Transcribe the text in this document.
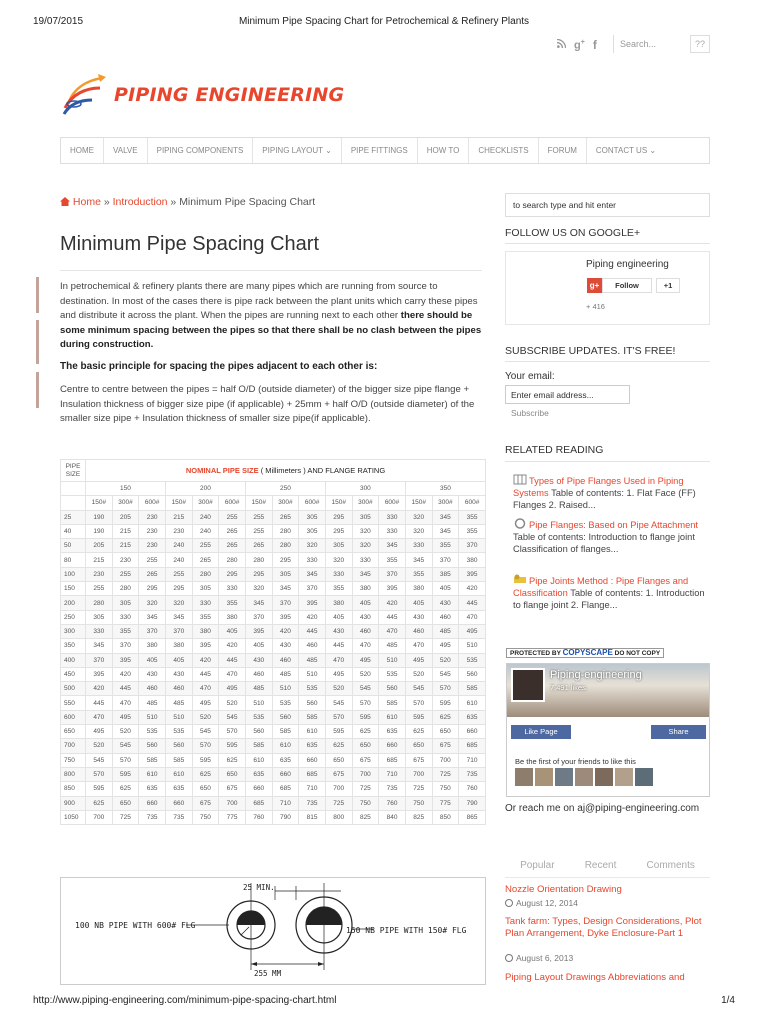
19/07/2015	Minimum Pipe Spacing Chart for Petrochemical & Refinery Plants
g+ f	Search...	??
PIPING ENGINEERING
HOME	VALVE	PIPING COMPONENTS	PIPING LAYOUT ⌄	PIPE FITTINGS	HOW TO	CHECKLISTS	FORUM	CONTACT US ⌄
Home » Introduction » Minimum Pipe Spacing Chart
Minimum Pipe Spacing Chart

In petrochemical & refinery plants there are many pipes which are running from source to destination. In most of the cases there is pipe rack between the plant units which carry these pipes and distribute it across the plant. When the pipes are running next to each other there should be some minimum spacing between the pipes so that there shall be no clash between the pipes during construction.

The basic principle for spacing the pipes adjacent to each other is:

Centre to centre between the pipes = half O/D (outside diameter) of the bigger size pipe flange + Insulation thickness of bigger size pipe (if applicable) + 25mm + half O/D (outside diameter) of the smaller size pipe + Insulation thickness of smaller size pipe(if applicable).

PIPE SIZE	NOMINAL PIPE SIZE ( Millimeters ) AND FLANGE RATING														
	150			200			250			300			350		
	150#	300#	600#	150#	300#	600#	150#	300#	600#	150#	300#	600#	150#	300#	600#
25	190	205	230	215	240	255	255	265	305	295	305	330	320	345	355
40	190	215	230	230	240	265	255	280	305	295	320	330	320	345	355
50	205	215	230	240	255	265	265	280	320	305	320	345	330	355	370
80	215	230	255	240	265	280	280	295	330	320	330	355	345	370	380
100	230	255	265	255	280	295	295	305	345	330	345	370	355	385	395
150	255	280	295	295	305	330	320	345	370	355	380	395	380	405	420
200	280	305	320	320	330	355	345	370	395	380	405	420	405	430	445
250	305	330	345	345	355	380	370	395	420	405	430	445	430	460	470
300	330	355	370	370	380	405	395	420	445	430	460	470	460	485	495
350	345	370	380	380	395	420	405	430	460	445	470	485	470	495	510
400	370	395	405	405	420	445	430	460	485	470	495	510	495	520	535
450	395	420	430	430	445	470	460	485	510	495	520	535	520	545	560
500	420	445	460	460	470	495	485	510	535	520	545	560	545	570	585
550	445	470	485	485	495	520	510	535	560	545	570	585	570	595	610
600	470	495	510	510	520	545	535	560	585	570	595	610	595	625	635
650	495	520	535	535	545	570	560	585	610	595	625	635	625	650	660
700	520	545	560	560	570	595	585	610	635	625	650	660	650	675	685
750	545	570	585	585	595	625	610	635	660	650	675	685	675	700	710
800	570	595	610	610	625	650	635	660	685	675	700	710	700	725	735
850	595	625	635	635	650	675	660	685	710	700	725	735	725	750	760
900	625	650	660	660	675	700	685	710	735	725	750	760	750	775	790
1050	700	725	735	735	750	775	760	790	815	800	825	840	825	850	865
100 NB PIPE WITH 600# FLG
150 NB PIPE WITH 150# FLG
25 MIN.
255 MM
to search type and hit enter
FOLLOW US ON GOOGLE+
Piping engineering
g+	Follow	+1
+ 416
SUBSCRIBE UPDATES. IT'S FREE!
Your email:
Enter email address...
Subscribe
RELATED READING
Types of Pipe Flanges Used in Piping Systems Table of contents: 1. Flat Face (FF) Flanges 2. Raised...
Pipe Flanges: Based on Pipe Attachment Table of contents: Introduction to flange joint Classification of flanges...
Pipe Joints Method : Pipe Flanges and Classification Table of contents: 1. Introduction to flange joint 2. Flange...
PROTECTED BY COPYSCAPE DO NOT COPY
Piping-engineering
7,491 likes
Like Page	Share
Be the first of your friends to like this
Or reach me on aj@piping-engineering.com
Popular	Recent	Comments
Nozzle Orientation Drawing
August 12, 2014
Tank farm: Types, Design Considerations, Plot Plan Arrangement, Dyke Enclosure-Part 1
August 6, 2013
Piping Layout Drawings Abbreviations and
http://www.piping-engineering.com/minimum-pipe-spacing-chart.html	1/4
